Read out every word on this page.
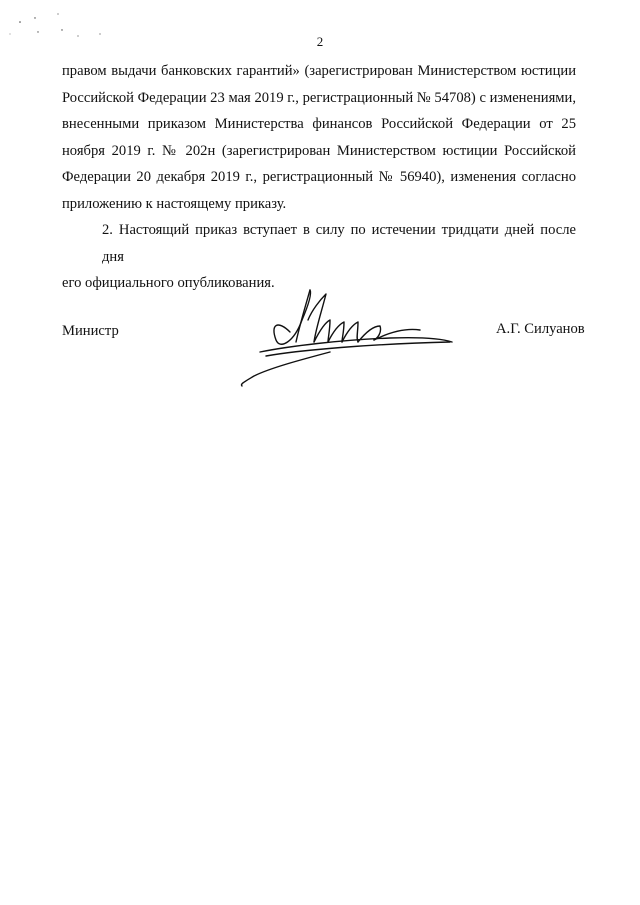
2
правом выдачи банковских гарантий» (зарегистрирован Министерством юстиции
Российской Федерации 23 мая 2019 г., регистрационный № 54708) с изменениями,
внесенными приказом Министерства финансов Российской Федерации от 25
ноября 2019 г. № 202н (зарегистрирован Министерством юстиции Российской
Федерации 20 декабря 2019 г., регистрационный № 56940), изменения согласно
приложению к настоящему приказу.
2. Настоящий приказ вступает в силу по истечении тридцати дней после дня
его официального опубликования.
Министр	А.Г. Силуанов
